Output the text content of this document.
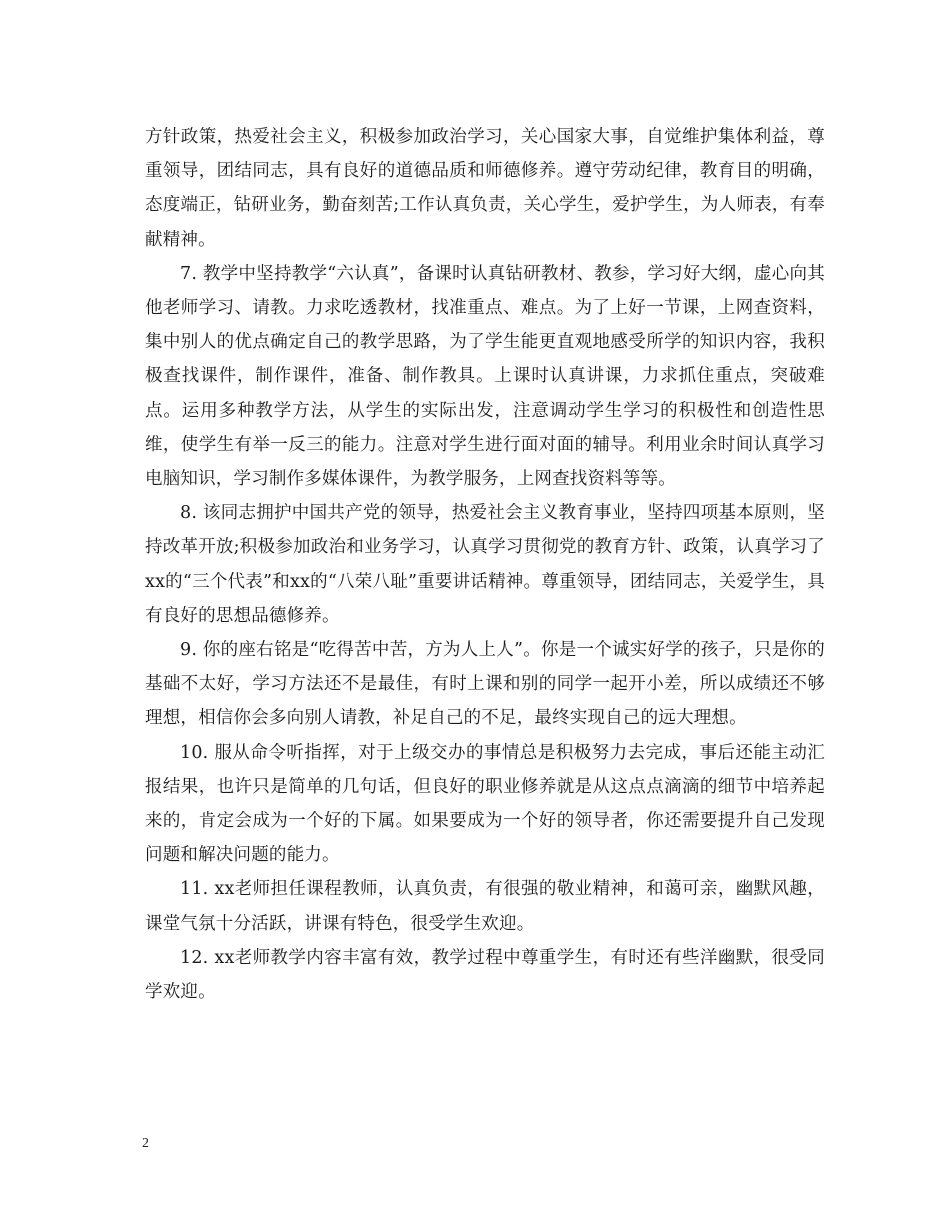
方针政策，热爱社会主义，积极参加政治学习，关心国家大事，自觉维护集体利益，尊重领导，团结同志，具有良好的道德品质和师德修养。遵守劳动纪律，教育目的明确，态度端正，钻研业务，勤奋刻苦;工作认真负责，关心学生，爱护学生，为人师表，有奉献精神。

7. 教学中坚持教学“六认真”，备课时认真钻研教材、教参，学习好大纲，虚心向其他老师学习、请教。力求吃透教材，找准重点、难点。为了上好一节课，上网查资料，集中别人的优点确定自己的教学思路，为了学生能更直观地感受所学的知识内容，我积极查找课件，制作课件，准备、制作教具。上课时认真讲课，力求抓住重点，突破难点。运用多种教学方法，从学生的实际出发，注意调动学生学习的积极性和创造性思维，使学生有举一反三的能力。注意对学生进行面对面的辅导。利用业余时间认真学习电脑知识，学习制作多媒体课件，为教学服务，上网查找资料等等。

8. 该同志拥护中国共产党的领导，热爱社会主义教育事业，坚持四项基本原则，坚持改革开放;积极参加政治和业务学习，认真学习贯彻党的教育方针、政策，认真学习了xx的“三个代表”和xx的“八荣八耻”重要讲话精神。尊重领导，团结同志，关爱学生，具有良好的思想品德修养。

9. 你的座右铭是“吃得苦中苦，方为人上人”。你是一个诚实好学的孩子，只是你的基础不太好，学习方法还不是最佳，有时上课和别的同学一起开小差，所以成绩还不够理想，相信你会多向别人请教，补足自己的不足，最终实现自己的远大理想。

10. 服从命令听指挥，对于上级交办的事情总是积极努力去完成，事后还能主动汇报结果，也许只是简单的几句话，但良好的职业修养就是从这点点滴滴的细节中培养起来的，肯定会成为一个好的下属。如果要成为一个好的领导者，你还需要提升自己发现问题和解决问题的能力。

11. xx老师担任课程教师，认真负责，有很强的敬业精神，和蔼可亲，幽默风趣，课堂气氛十分活跃，讲课有特色，很受学生欢迎。

12. xx老师教学内容丰富有效，教学过程中尊重学生，有时还有些洋幽默，很受同学欢迎。

2
